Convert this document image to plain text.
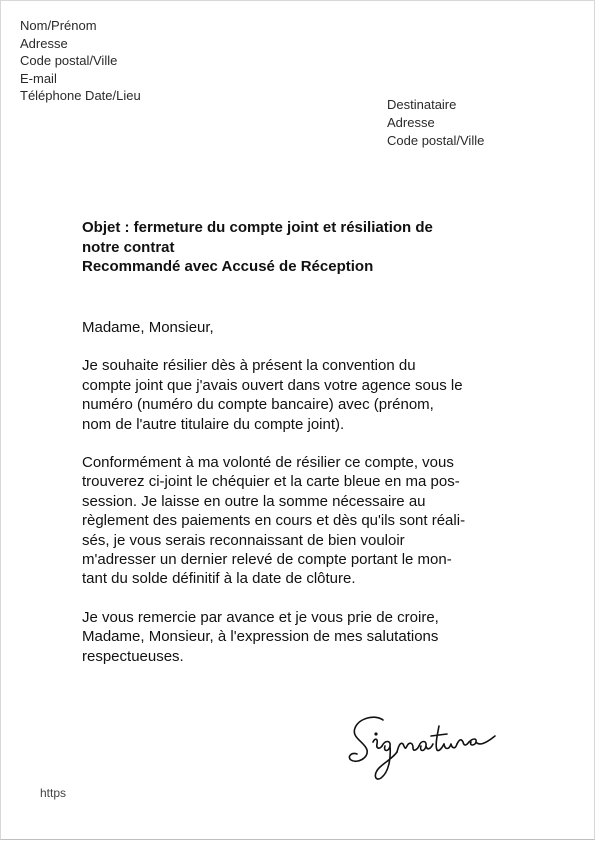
Nom/Prénom
Adresse
Code postal/Ville
E-mail
Téléphone Date/Lieu
Destinataire
Adresse
Code postal/Ville
Objet : fermeture du compte joint et résiliation de
notre contrat
Recommandé avec Accusé de Réception
Madame, Monsieur,
Je souhaite résilier dès à présent la convention du
compte joint que j'avais ouvert dans votre agence sous le
numéro (numéro du compte bancaire) avec (prénom,
nom de l'autre titulaire du compte joint).
Conformément à ma volonté de résilier ce compte, vous
trouverez ci-joint le chéquier et la carte bleue en ma pos-
session. Je laisse en outre la somme nécessaire au
règlement des paiements en cours et dès qu'ils sont réali-
sés, je vous serais reconnaissant de bien vouloir
m'adresser un dernier relevé de compte portant le mon-
tant du solde définitif à la date de clôture.
Je vous remercie par avance et je vous prie de croire,
Madame, Monsieur, à l'expression de mes salutations
respectueuses.
https
